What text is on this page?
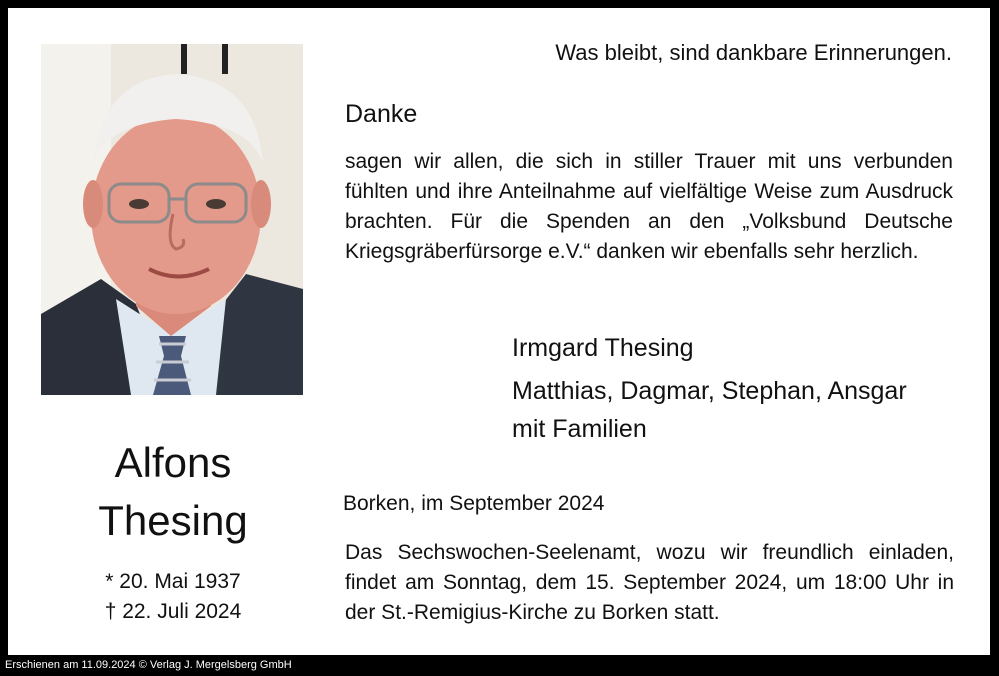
Was bleibt, sind dankbare Erinnerungen.
Danke
sagen wir allen, die sich in stiller Trauer mit uns verbunden fühlten und ihre Anteilnahme auf vielfältige Weise zum Ausdruck brachten. Für die Spenden an den „Volksbund Deutsche Kriegsgräberfürsorge e.V.“ danken wir ebenfalls sehr herzlich.
Irmgard Thesing
Matthias, Dagmar, Stephan, Ansgar
mit Familien
Alfons
Thesing
* 20. Mai 1937
† 22. Juli 2024
Borken, im September 2024
Das Sechswochen-Seelenamt, wozu wir freundlich einladen, findet am Sonntag, dem 15. September 2024, um 18:00 Uhr in der St.-Remigius-Kirche zu Borken statt.
Erschienen am 11.09.2024 © Verlag J. Mergelsberg GmbH
